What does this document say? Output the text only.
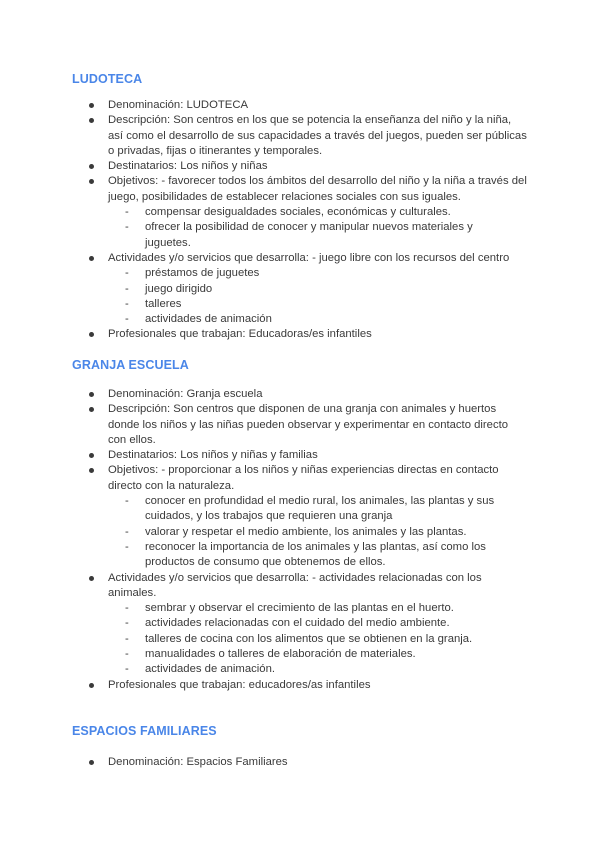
LUDOTECA
Denominación: LUDOTECA
Descripción: Son centros en los que se potencia la enseñanza del niño y la niña, así como el desarrollo de sus capacidades a través del juegos, pueden ser públicas o privadas, fijas o itinerantes y temporales.
Destinatarios: Los niños y niñas
Objetivos: - favorecer todos los ámbitos del desarrollo del niño y la niña a través del juego, posibilidades de establecer relaciones sociales con sus iguales.
- compensar desigualdades sociales, económicas y culturales.
- ofrecer la posibilidad de conocer y manipular nuevos materiales y juguetes.
Actividades y/o servicios que desarrolla: - juego libre con los recursos del centro
- préstamos de juguetes
- juego dirigido
- talleres
- actividades de animación
Profesionales que trabajan: Educadoras/es infantiles
GRANJA ESCUELA
Denominación: Granja escuela
Descripción: Son centros que disponen de una granja con animales y huertos donde los niños y las niñas pueden observar y experimentar en contacto directo con ellos.
Destinatarios: Los niños y niñas y familias
Objetivos: - proporcionar a los niños y niñas experiencias directas en contacto directo con la naturaleza.
- conocer en profundidad el medio rural, los animales, las plantas y sus cuidados, y los trabajos que requieren una granja
- valorar y respetar el medio ambiente, los animales y las plantas.
- reconocer la importancia de los animales y las plantas, así como los productos de consumo que obtenemos de ellos.
Actividades y/o servicios que desarrolla: - actividades relacionadas con los animales.
- sembrar y observar el crecimiento de las plantas en el huerto.
- actividades relacionadas con el cuidado del medio ambiente.
- talleres de cocina con los alimentos que se obtienen en la granja.
- manualidades o talleres de elaboración de materiales.
- actividades de animación.
Profesionales que trabajan: educadores/as infantiles
ESPACIOS FAMILIARES
Denominación: Espacios Familiares
